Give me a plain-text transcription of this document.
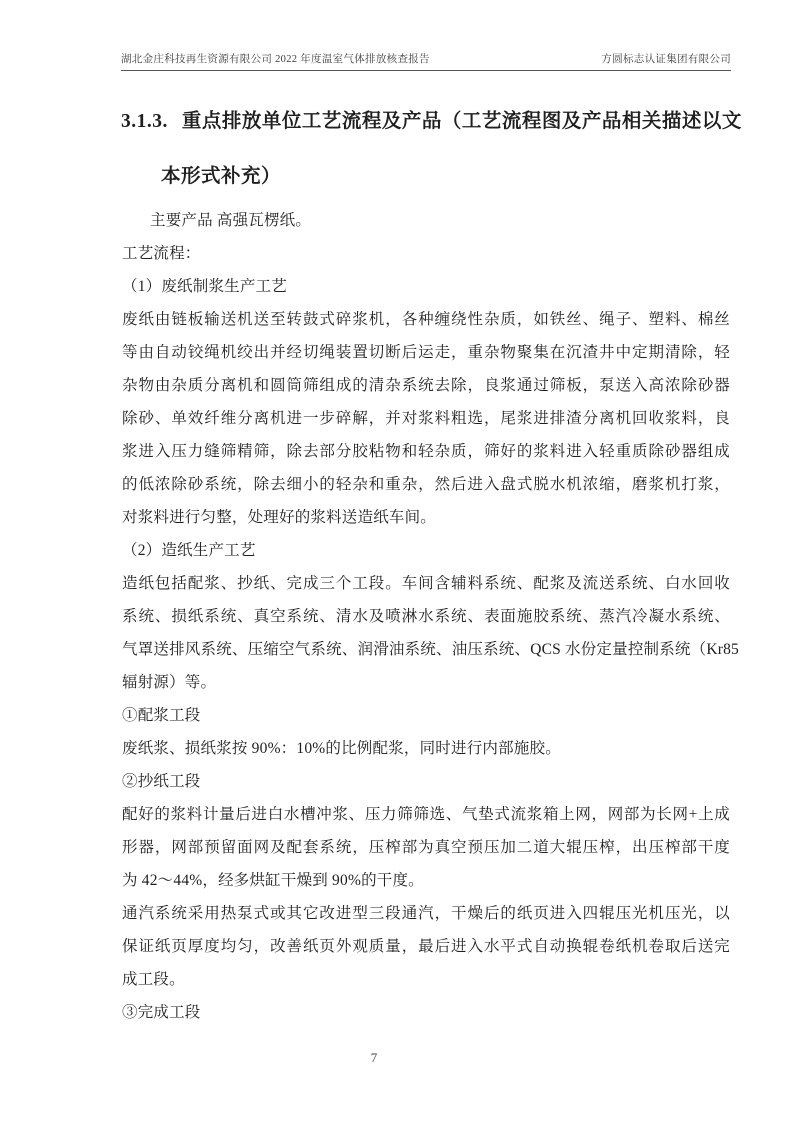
湖北金庄科技再生资源有限公司 2022 年度温室气体排放核查报告	方圆标志认证集团有限公司
3.1.3. 重点排放单位工艺流程及产品（工艺流程图及产品相关描述以文
本形式补充）
主要产品 高强瓦楞纸。
工艺流程：
（1）废纸制浆生产工艺
废纸由链板输送机送至转鼓式碎浆机，各种缠绕性杂质，如铁丝、绳子、塑料、棉丝
等由自动铰绳机绞出并经切绳装置切断后运走，重杂物聚集在沉渣井中定期清除，轻
杂物由杂质分离机和圆筒筛组成的清杂系统去除，良浆通过筛板，泵送入高浓除砂器
除砂、单效纤维分离机进一步碎解，并对浆料粗选，尾浆进排渣分离机回收浆料，良
浆进入压力缝筛精筛，除去部分胶粘物和轻杂质，筛好的浆料进入轻重质除砂器组成
的低浓除砂系统，除去细小的轻杂和重杂，然后进入盘式脱水机浓缩，磨浆机打浆，
对浆料进行匀整，处理好的浆料送造纸车间。
（2）造纸生产工艺
造纸包括配浆、抄纸、完成三个工段。车间含辅料系统、配浆及流送系统、白水回收
系统、损纸系统、真空系统、清水及喷淋水系统、表面施胶系统、蒸汽冷凝水系统、
气罩送排风系统、压缩空气系统、润滑油系统、油压系统、QCS 水份定量控制系统（Kr85
辐射源）等。
①配浆工段
废纸浆、损纸浆按 90%：10%的比例配浆，同时进行内部施胶。
②抄纸工段
配好的浆料计量后进白水槽冲浆、压力筛筛选、气垫式流浆箱上网，网部为长网+上成
形器，网部预留面网及配套系统，压榨部为真空预压加二道大辊压榨，出压榨部干度
为 42～44%，经多烘缸干燥到 90%的干度。
通汽系统采用热泵式或其它改进型三段通汽，干燥后的纸页进入四辊压光机压光，以
保证纸页厚度均匀，改善纸页外观质量，最后进入水平式自动换辊卷纸机卷取后送完
成工段。
③完成工段
7
